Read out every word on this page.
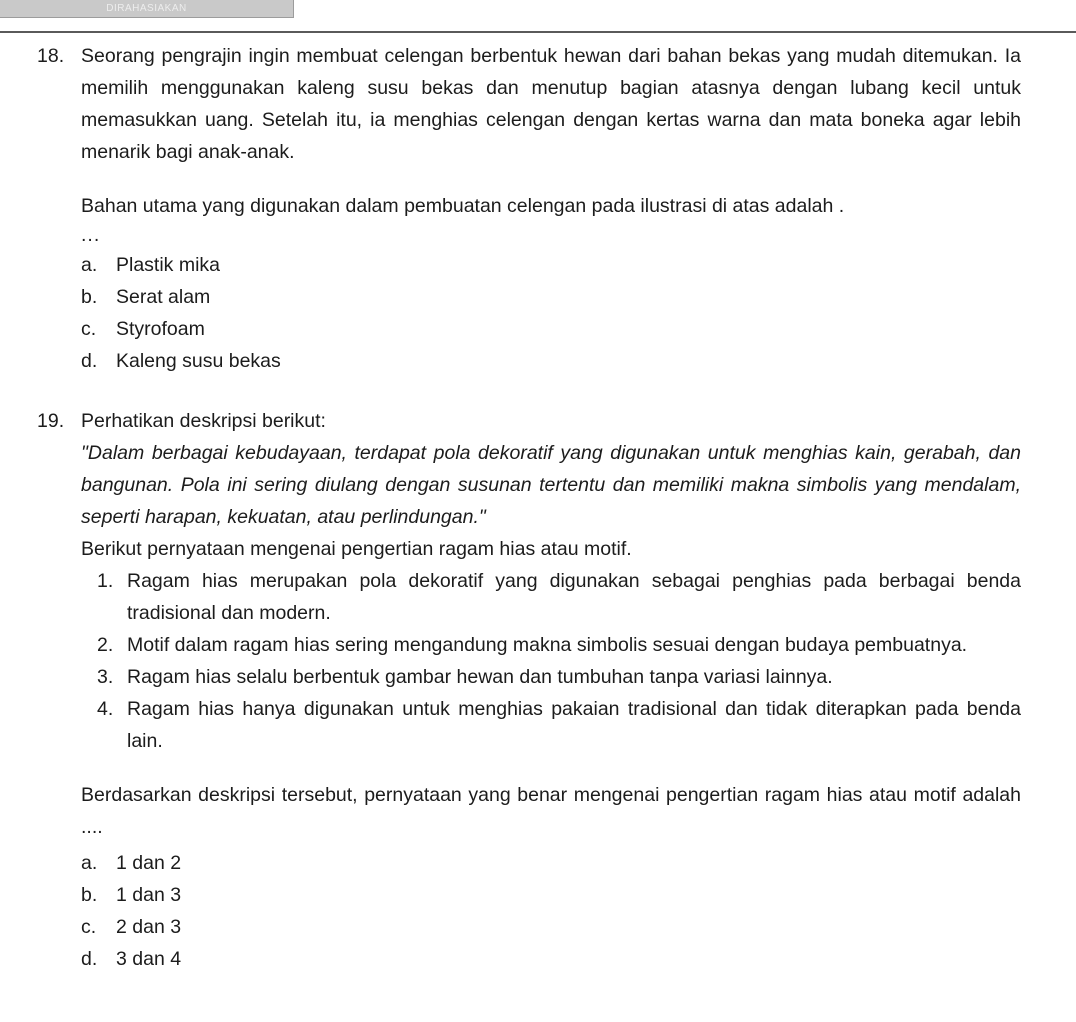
DIRAHASIAKAN
18. Seorang pengrajin ingin membuat celengan berbentuk hewan dari bahan bekas yang mudah ditemukan. Ia memilih menggunakan kaleng susu bekas dan menutup bagian atasnya dengan lubang kecil untuk memasukkan uang. Setelah itu, ia menghias celengan dengan kertas warna dan mata boneka agar lebih menarik bagi anak-anak.

Bahan utama yang digunakan dalam pembuatan celengan pada ilustrasi di atas adalah .

...

a. Plastik mika
b. Serat alam
c.	Styrofoam
d. Kaleng susu bekas
19. Perhatikan deskripsi berikut:

"Dalam berbagai kebudayaan, terdapat pola dekoratif yang digunakan untuk menghias kain, gerabah, dan bangunan. Pola ini sering diulang dengan susunan tertentu dan memiliki makna simbolis yang mendalam, seperti harapan, kekuatan, atau perlindungan."

Berikut pernyataan mengenai pengertian ragam hias atau motif.

1. Ragam hias merupakan pola dekoratif yang digunakan sebagai penghias pada berbagai benda tradisional dan modern.
2. Motif dalam ragam hias sering mengandung makna simbolis sesuai dengan budaya pembuatnya.
3. Ragam hias selalu berbentuk gambar hewan dan tumbuhan tanpa variasi lainnya.
4. Ragam hias hanya digunakan untuk menghias pakaian tradisional dan tidak diterapkan pada benda lain.

Berdasarkan deskripsi tersebut, pernyataan yang benar mengenai pengertian ragam hias atau motif adalah ....

a. 1 dan 2
b. 1 dan 3
c.	2 dan 3
d. 3 dan 4
